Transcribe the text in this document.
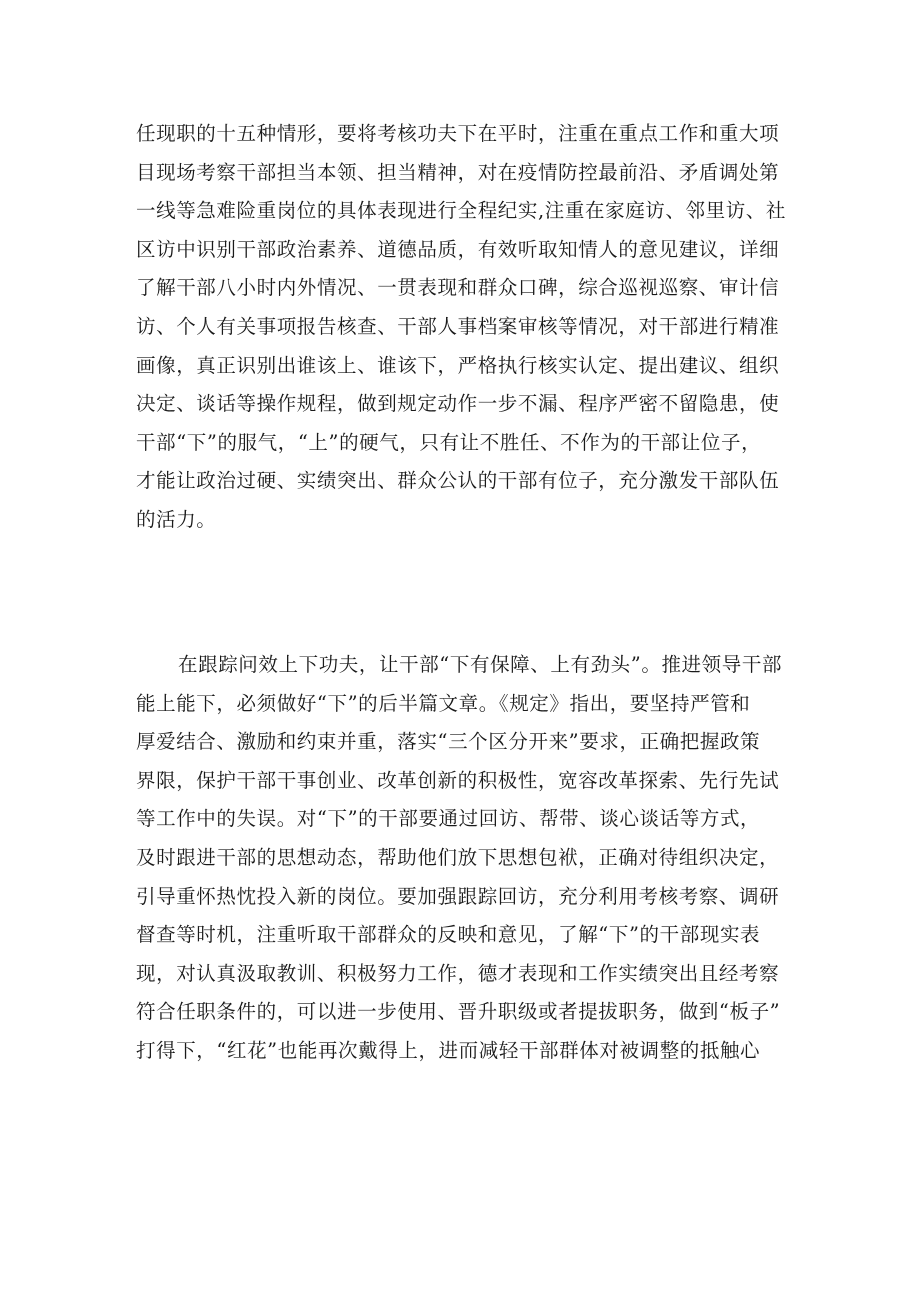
任现职的十五种情形，要将考核功夫下在平时，注重在重点工作和重大项
目现场考察干部担当本领、担当精神，对在疫情防控最前沿、矛盾调处第
一线等急难险重岗位的具体表现进行全程纪实,注重在家庭访、邻里访、社
区访中识别干部政治素养、道德品质，有效听取知情人的意见建议，详细
了解干部八小时内外情况、一贯表现和群众口碑，综合巡视巡察、审计信
访、个人有关事项报告核查、干部人事档案审核等情况，对干部进行精准
画像，真正识别出谁该上、谁该下，严格执行核实认定、提出建议、组织
决定、谈话等操作规程，做到规定动作一步不漏、程序严密不留隐患，使
干部“下”的服气，“上”的硬气，只有让不胜任、不作为的干部让位子，
才能让政治过硬、实绩突出、群众公认的干部有位子，充分激发干部队伍
的活力。
在跟踪问效上下功夫，让干部“下有保障、上有劲头”。推进领导干部
能上能下，必须做好“下”的后半篇文章。《规定》指出，要坚持严管和
厚爱结合、激励和约束并重，落实“三个区分开来”要求，正确把握政策
界限，保护干部干事创业、改革创新的积极性，宽容改革探索、先行先试
等工作中的失误。对“下”的干部要通过回访、帮带、谈心谈话等方式，
及时跟进干部的思想动态，帮助他们放下思想包袱，正确对待组织决定，
引导重怀热忱投入新的岗位。要加强跟踪回访，充分利用考核考察、调研
督查等时机，注重听取干部群众的反映和意见，了解“下”的干部现实表
现，对认真汲取教训、积极努力工作，德才表现和工作实绩突出且经考察
符合任职条件的，可以进一步使用、晋升职级或者提拔职务，做到“板子”
打得下，“红花”也能再次戴得上，进而减轻干部群体对被调整的抵触心
